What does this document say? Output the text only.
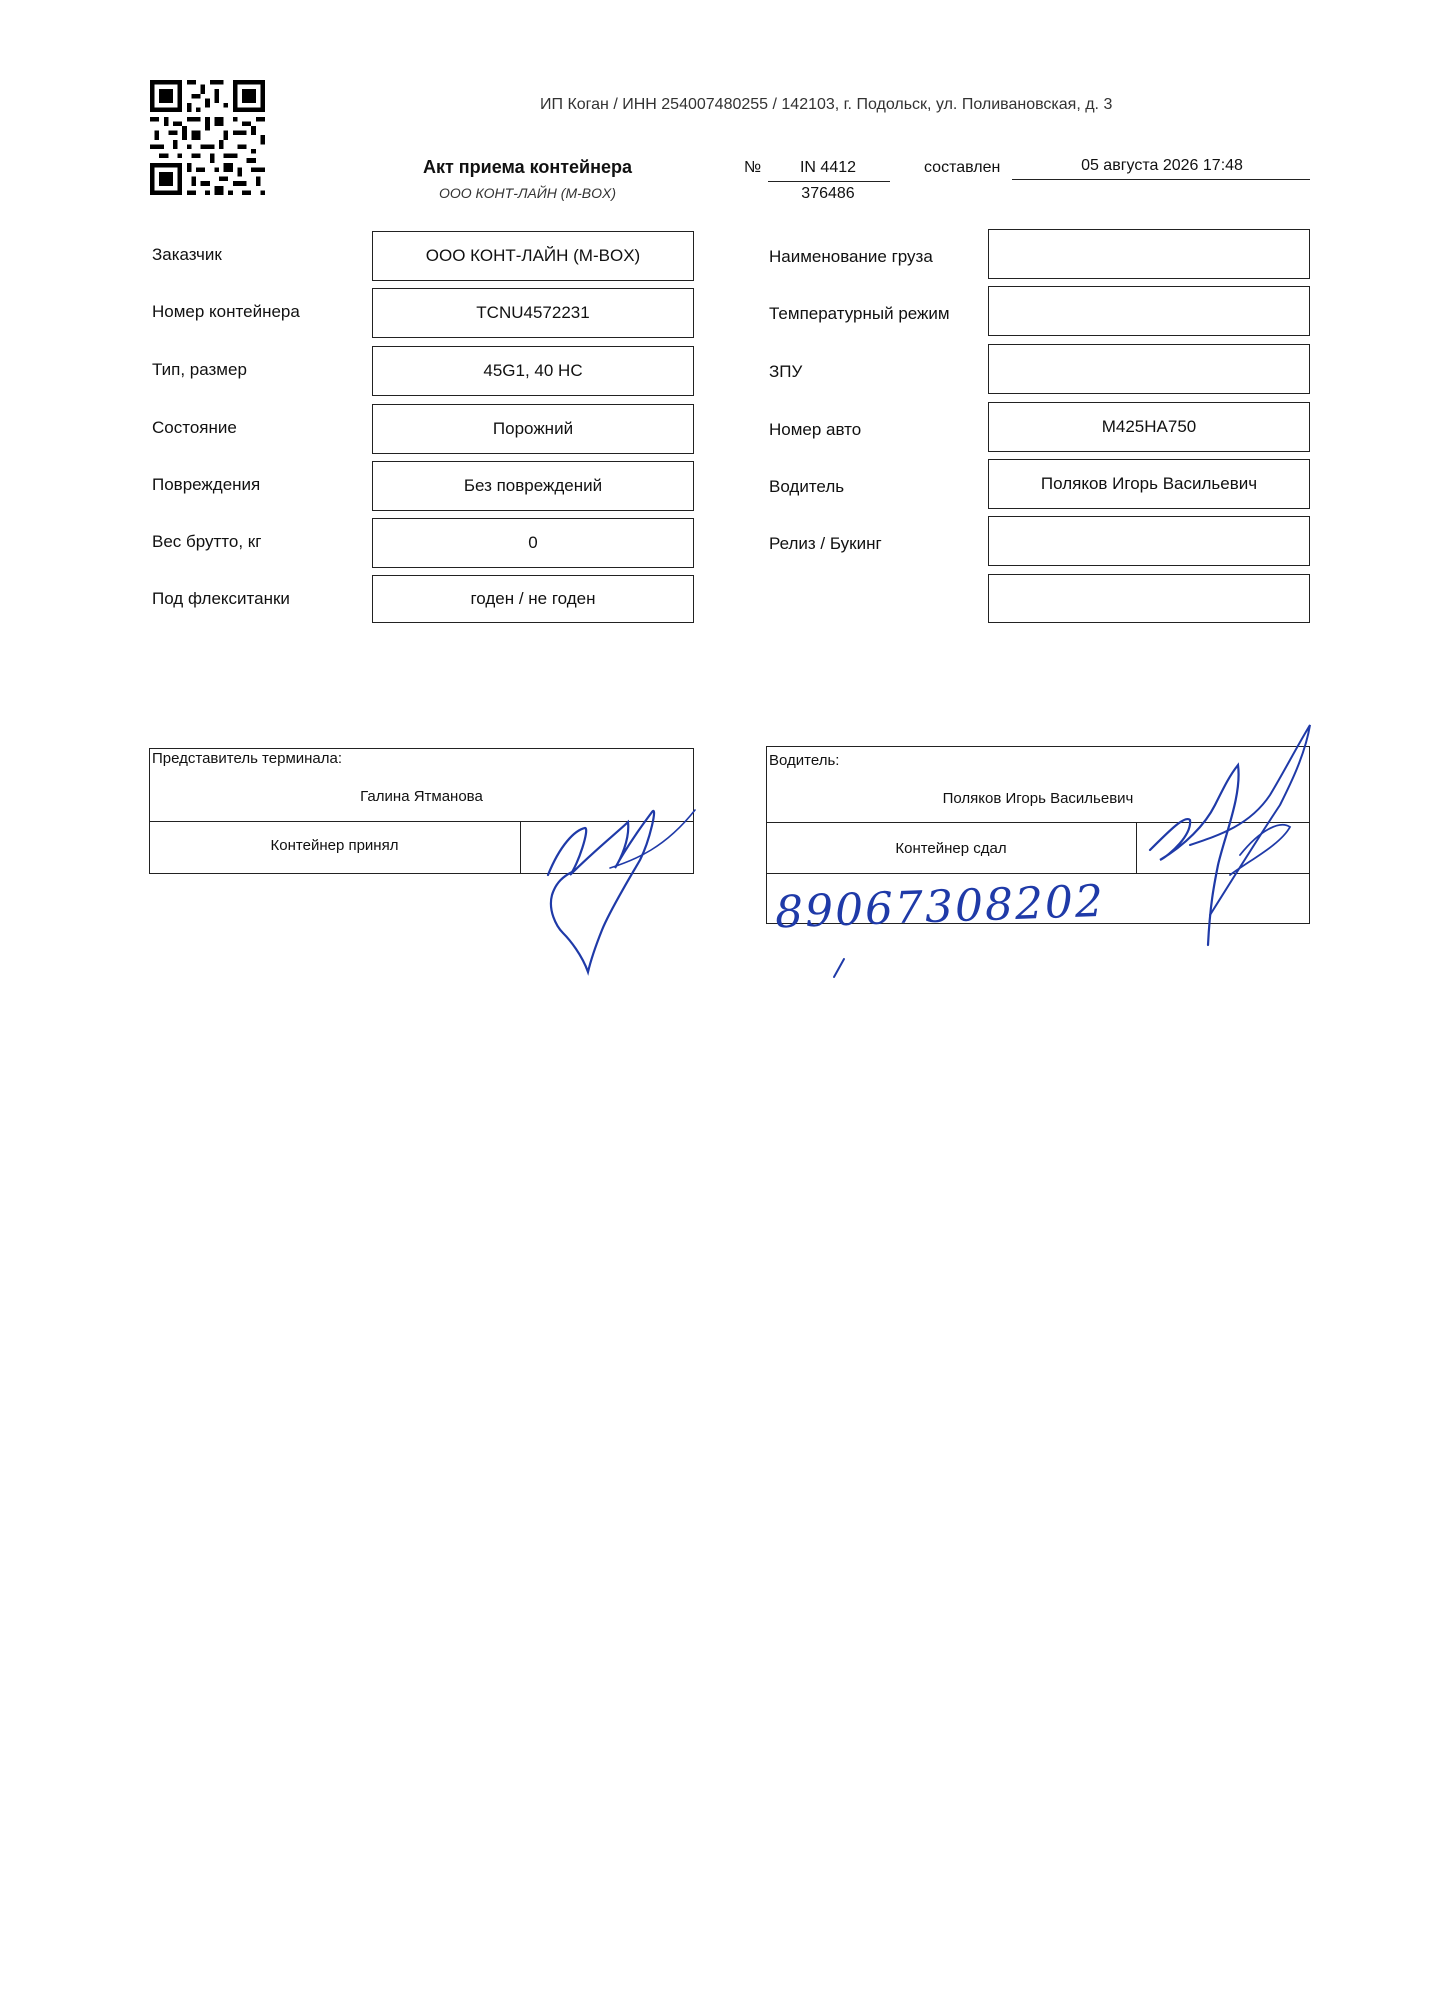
ИП Коган / ИНН 254007480255 / 142103, г. Подольск, ул. Поливановская, д. 3
Акт приема контейнера
ООО КОНТ-ЛАЙН (M-BOX)
№	IN 4412
376486
составлен	05 августа 2026 17:48
Заказчик	ООО КОНТ-ЛАЙН (M-BOX)
Номер контейнера	TCNU4572231
Тип, размер	45G1, 40 HC
Состояние	Порожний
Повреждения	Без повреждений
Вес брутто, кг	0
Под флекситанки	годен / не годен
Наименование груза
Температурный режим
ЗПУ
Номер авто	М425НА750
Водитель	Поляков Игорь Васильевич
Релиз / Букинг
Представитель терминала:
Галина Ятманова
Контейнер принял
Водитель:
Поляков Игорь Васильевич
Контейнер сдал
89067308202
